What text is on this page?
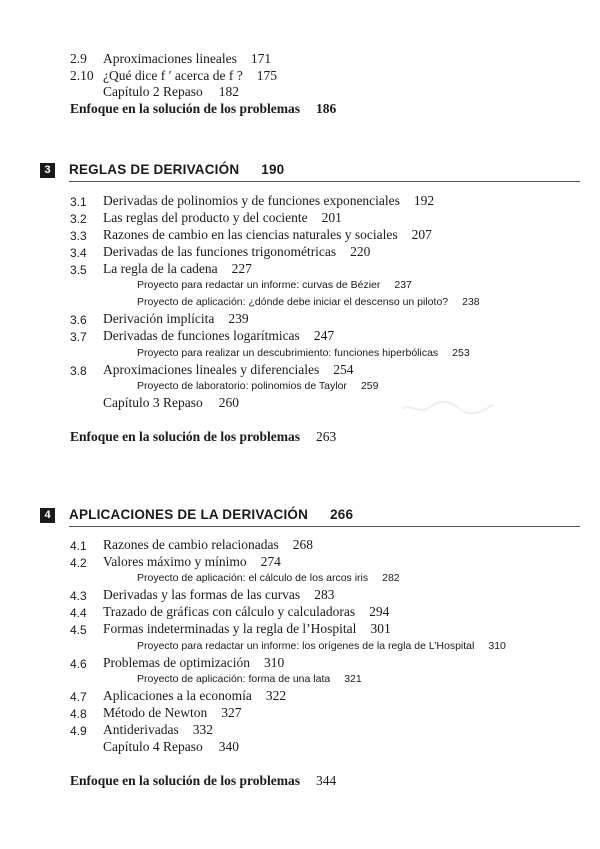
2.9 Aproximaciones lineales 171
2.10 ¿Qué dice f ′ acerca de f ? 175
Capítulo 2 Repaso 182
Enfoque en la solución de los problemas 186
3	REGLAS DE DERIVACIÓN 190
3.1 Derivadas de polinomios y de funciones exponenciales 192
3.2 Las reglas del producto y del cociente 201
3.3 Razones de cambio en las ciencias naturales y sociales 207
3.4 Derivadas de las funciones trigonométricas 220
3.5 La regla de la cadena 227
Proyecto para redactar un informe: curvas de Bézier 237
Proyecto de aplicación: ¿dónde debe iniciar el descenso un piloto? 238
3.6 Derivación implícita 239
3.7 Derivadas de funciones logarítmicas 247
Proyecto para realizar un descubrimiento: funciones hiperbólicas 253
3.8 Aproximaciones lineales y diferenciales 254
Proyecto de laboratorio: polinomios de Taylor 259
Capítulo 3 Repaso 260
Enfoque en la solución de los problemas 263
4	APLICACIONES DE LA DERIVACIÓN 266
4.1 Razones de cambio relacionadas 268
4.2 Valores máximo y mínimo 274
Proyecto de aplicación: el cálculo de los arcos iris 282
4.3 Derivadas y las formas de las curvas 283
4.4 Trazado de gráficas con cálculo y calculadoras 294
4.5 Formas indeterminadas y la regla de l’Hospital 301
Proyecto para redactar un informe: los orígenes de la regla de L’Hospital 310
4.6 Problemas de optimización 310
Proyecto de aplicación: forma de una lata 321
4.7 Aplicaciones a la economía 322
4.8 Método de Newton 327
4.9 Antiderivadas 332
Capítulo 4 Repaso 340
Enfoque en la solución de los problemas 344
